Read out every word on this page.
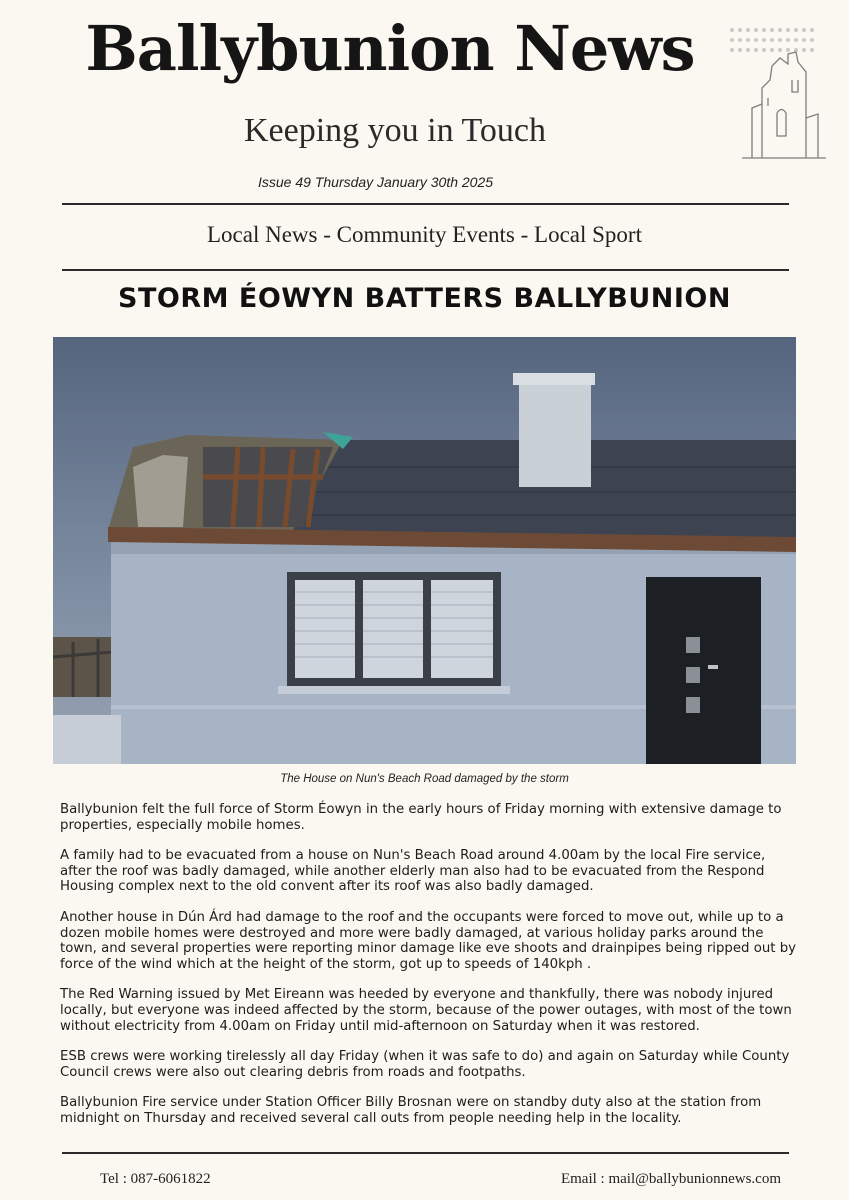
Ballybunion News
Keeping you in Touch
Issue 49 Thursday January 30th 2025
Local News - Community Events - Local Sport
STORM ÉOWYN BATTERS BALLYBUNION
The House on Nun's Beach Road damaged by the storm

Ballybunion felt the full force of Storm Éowyn in the early hours of Friday morning with extensive damage to properties, especially mobile homes.

A family had to be evacuated from a house on Nun's Beach Road around 4.00am by the local Fire service, after the roof was badly damaged, while another elderly man also had to be evacuated from the Respond Housing complex next to the old convent after its roof was also badly damaged.

Another house in Dún Árd had damage to the roof and the occupants were forced to move out, while up to a dozen mobile homes were destroyed and more were badly damaged, at various holiday parks around the town, and several properties were reporting minor damage like eve shoots and drainpipes being ripped out by force of the wind which at the height of the storm, got up to speeds of 140kph .

The Red Warning issued by Met Eireann was heeded by everyone and thankfully, there was nobody injured locally, but everyone was indeed affected by the storm, because of the power outages, with most of the town without electricity from 4.00am on Friday until mid-afternoon on Saturday when it was restored.

ESB crews were working tirelessly all day Friday (when it was safe to do) and again on Saturday while County Council crews were also out clearing debris from roads and footpaths.

Ballybunion Fire service under Station Officer Billy Brosnan were on standby duty also at the station from midnight on Thursday and received several call outs from people needing help in the locality.

Tel : 087-6061822	Email : mail@ballybunionnews.com
